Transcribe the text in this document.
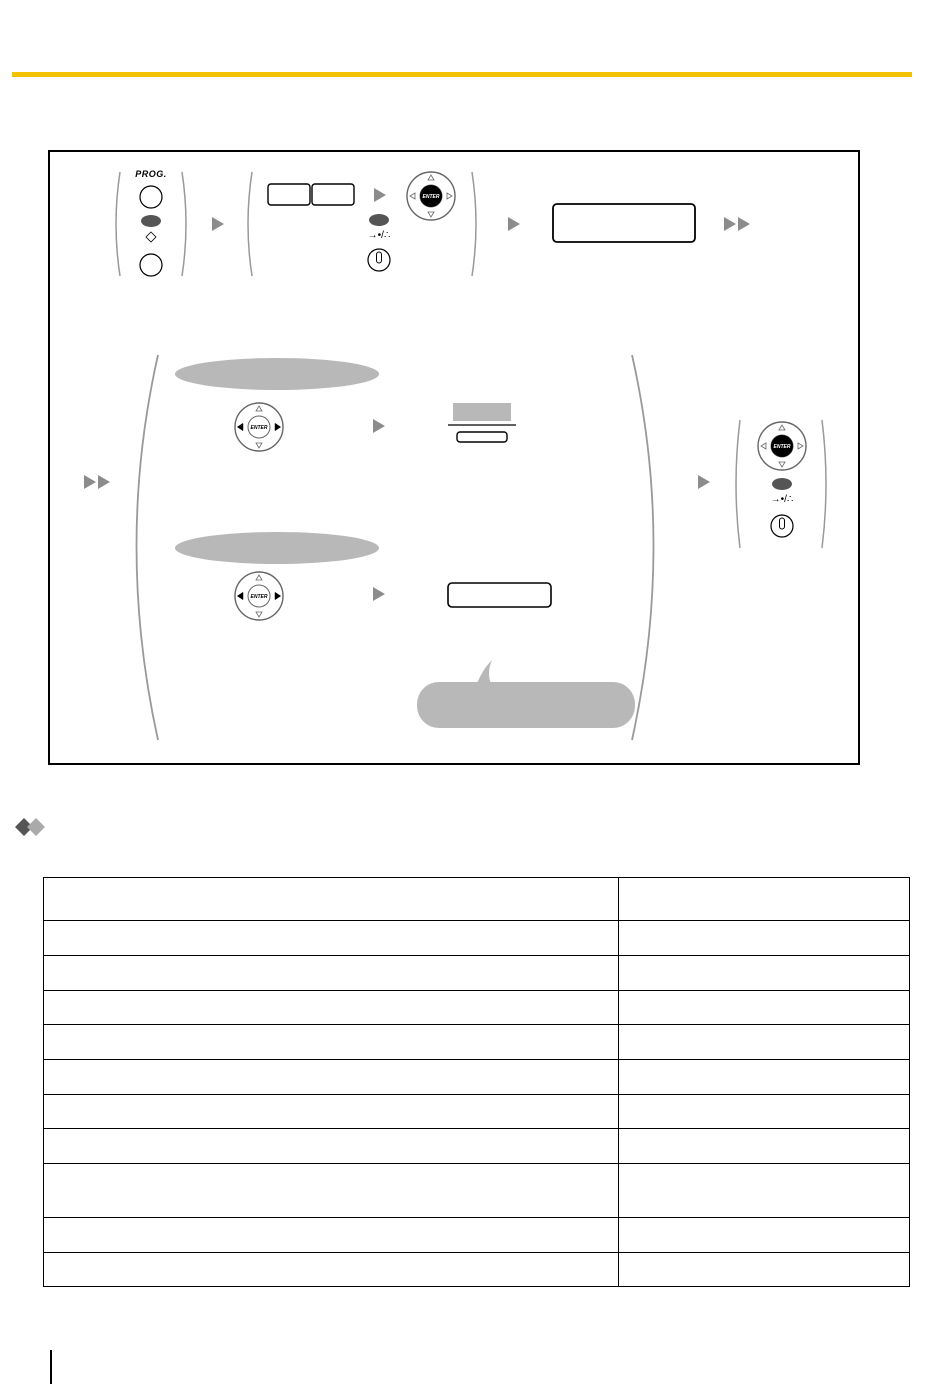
PROG.
ENTER
→•/∴
ENTER
ENTER
ENTER
→•/∴
